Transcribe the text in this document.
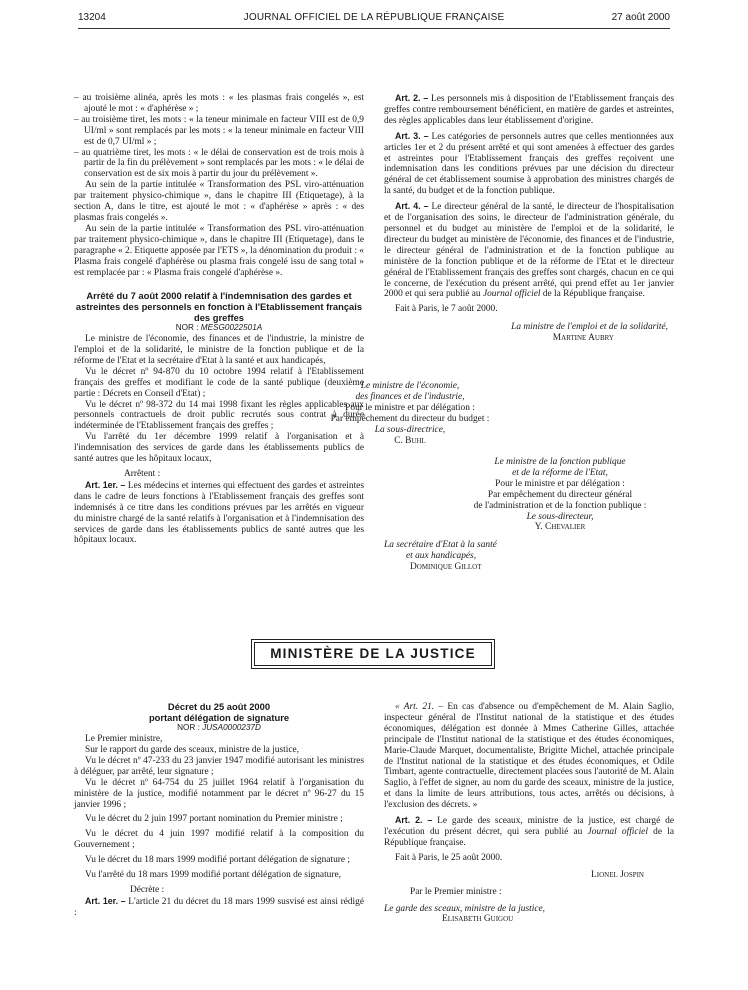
13204	JOURNAL OFFICIEL DE LA RÉPUBLIQUE FRANÇAISE	27 août 2000

– au troisième alinéa, après les mots : « les plasmas frais congelés », est ajouté le mot : « d'aphérèse » ;

– au troisième tiret, les mots : « la teneur minimale en facteur VIII est de 0,9 UI/ml » sont remplacés par les mots : « la teneur minimale en facteur VIII est de 0,7 UI/ml » ;

– au quatrième tiret, les mots : « le délai de conservation est de trois mois à partir de la fin du prélèvement » sont remplacés par les mots : « le délai de conservation est de six mois à partir du jour du prélèvement ».

Au sein de la partie intitulée « Transformation des PSL viro-atténuation par traitement physico-chimique », dans le chapitre III (Etiquetage), à la section A, dans le titre, est ajouté le mot : « d'aphérèse » après : « des plasmas frais congelés ».

Au sein de la partie intitulée « Transformation des PSL viro-atténuation par traitement physico-chimique », dans le chapitre III (Etiquetage), dans le paragraphe « 2. Etiquette apposée par l'ETS », la dénomination du produit : « Plasma frais congelé d'aphérèse ou plasma frais congelé issu de sang total » est remplacée par : « Plasma frais congelé d'aphérèse ».

Arrêté du 7 août 2000 relatif à l'indemnisation des gardes et astreintes des personnels en fonction à l'Etablissement français des greffes

NOR : MESG0022501A

Le ministre de l'économie, des finances et de l'industrie, la ministre de l'emploi et de la solidarité, le ministre de la fonction publique et de la réforme de l'Etat et la secrétaire d'Etat à la santé et aux handicapés,

Vu le décret nº 94-870 du 10 octobre 1994 relatif à l'Etablissement français des greffes et modifiant le code de la santé publique (deuxième partie : Décrets en Conseil d'Etat) ;

Vu le décret nº 98-372 du 14 mai 1998 fixant les règles applicables aux personnels contractuels de droit public recrutés sous contrat à durée indéterminée de l'Etablissement français des greffes ;

Vu l'arrêté du 1er décembre 1999 relatif à l'organisation et à l'indemnisation des services de garde dans les établissements publics de santé autres que les hôpitaux locaux,

Arrêtent :

Art. 1er. – Les médecins et internes qui effectuent des gardes et astreintes dans le cadre de leurs fonctions à l'Etablissement français des greffes sont indemnisés à ce titre dans les conditions prévues par les arrêtés en vigueur du ministre chargé de la santé relatifs à l'organisation et à l'indemnisation des services de garde dans les établissements publics de santé autres que les hôpitaux locaux.

Art. 2. – Les personnels mis à disposition de l'Etablissement français des greffes contre remboursement bénéficient, en matière de gardes et astreintes, des règles applicables dans leur établissement d'origine.

Art. 3. – Les catégories de personnels autres que celles mentionnées aux articles 1er et 2 du présent arrêté et qui sont amenées à effectuer des gardes et astreintes pour l'Etablissement français des greffes reçoivent une indemnisation dans les conditions prévues par une décision du directeur général de cet établissement soumise à approbation des ministres chargés de la santé, du budget et de la fonction publique.

Art. 4. – Le directeur général de la santé, le directeur de l'hospitalisation et de l'organisation des soins, le directeur de l'administration générale, du personnel et du budget au ministère de l'emploi et de la solidarité, le directeur du budget au ministère de l'économie, des finances et de l'industrie, le directeur général de l'administration et de la fonction publique au ministère de la fonction publique et de la réforme de l'Etat et le directeur général de l'Etablissement français des greffes sont chargés, chacun en ce qui le concerne, de l'exécution du présent arrêté, qui prend effet au 1er janvier 2000 et qui sera publié au Journal officiel de la République française.

Fait à Paris, le 7 août 2000.

La ministre de l'emploi et de la solidarité,

Martine Aubry

Le ministre de l'économie,

des finances et de l'industrie,

Pour le ministre et par délégation :

Par empêchement du directeur du budget :

La sous-directrice,

C. Buhl

Le ministre de la fonction publique

et de la réforme de l'Etat,

Pour le ministre et par délégation :

Par empêchement du directeur général

de l'administration et de la fonction publique :

Le sous-directeur,

Y. Chevalier

La secrétaire d'Etat à la santé

et aux handicapés,

Dominique Gillot

MINISTÈRE DE LA JUSTICE

Décret du 25 août 2000

portant délégation de signature

NOR : JUSA0000237D

Le Premier ministre,

Sur le rapport du garde des sceaux, ministre de la justice,

Vu le décret nº 47-233 du 23 janvier 1947 modifié autorisant les ministres à déléguer, par arrêté, leur signature ;

Vu le décret nº 64-754 du 25 juillet 1964 relatif à l'organisation du ministère de la justice, modifié notamment par le décret nº 96-27 du 15 janvier 1996 ;

Vu le décret du 2 juin 1997 portant nomination du Premier ministre ;

Vu le décret du 4 juin 1997 modifié relatif à la composition du Gouvernement ;

Vu le décret du 18 mars 1999 modifié portant délégation de signature ;

Vu l'arrêté du 18 mars 1999 modifié portant délégation de signature,

Décrète :

Art. 1er. – L'article 21 du décret du 18 mars 1999 susvisé est ainsi rédigé :

« Art. 21. – En cas d'absence ou d'empêchement de M. Alain Saglio, inspecteur général de l'Institut national de la statistique et des études économiques, délégation est donnée à Mmes Catherine Gilles, attachée principale de l'Institut national de la statistique et des études économiques, Marie-Claude Marquet, documentaliste, Brigitte Michel, attachée principale de l'Institut national de la statistique et des études économiques, et Odile Timbart, agente contractuelle, directement placées sous l'autorité de M. Alain Saglio, à l'effet de signer, au nom du garde des sceaux, ministre de la justice, et dans la limite de leurs attributions, tous actes, arrêtés ou décisions, à l'exclusion des décrets. »

Art. 2. – Le garde des sceaux, ministre de la justice, est chargé de l'exécution du présent décret, qui sera publié au Journal officiel de la République française.

Fait à Paris, le 25 août 2000.

Lionel Jospin

Par le Premier ministre :

Le garde des sceaux, ministre de la justice,

Elisabeth Guigou
